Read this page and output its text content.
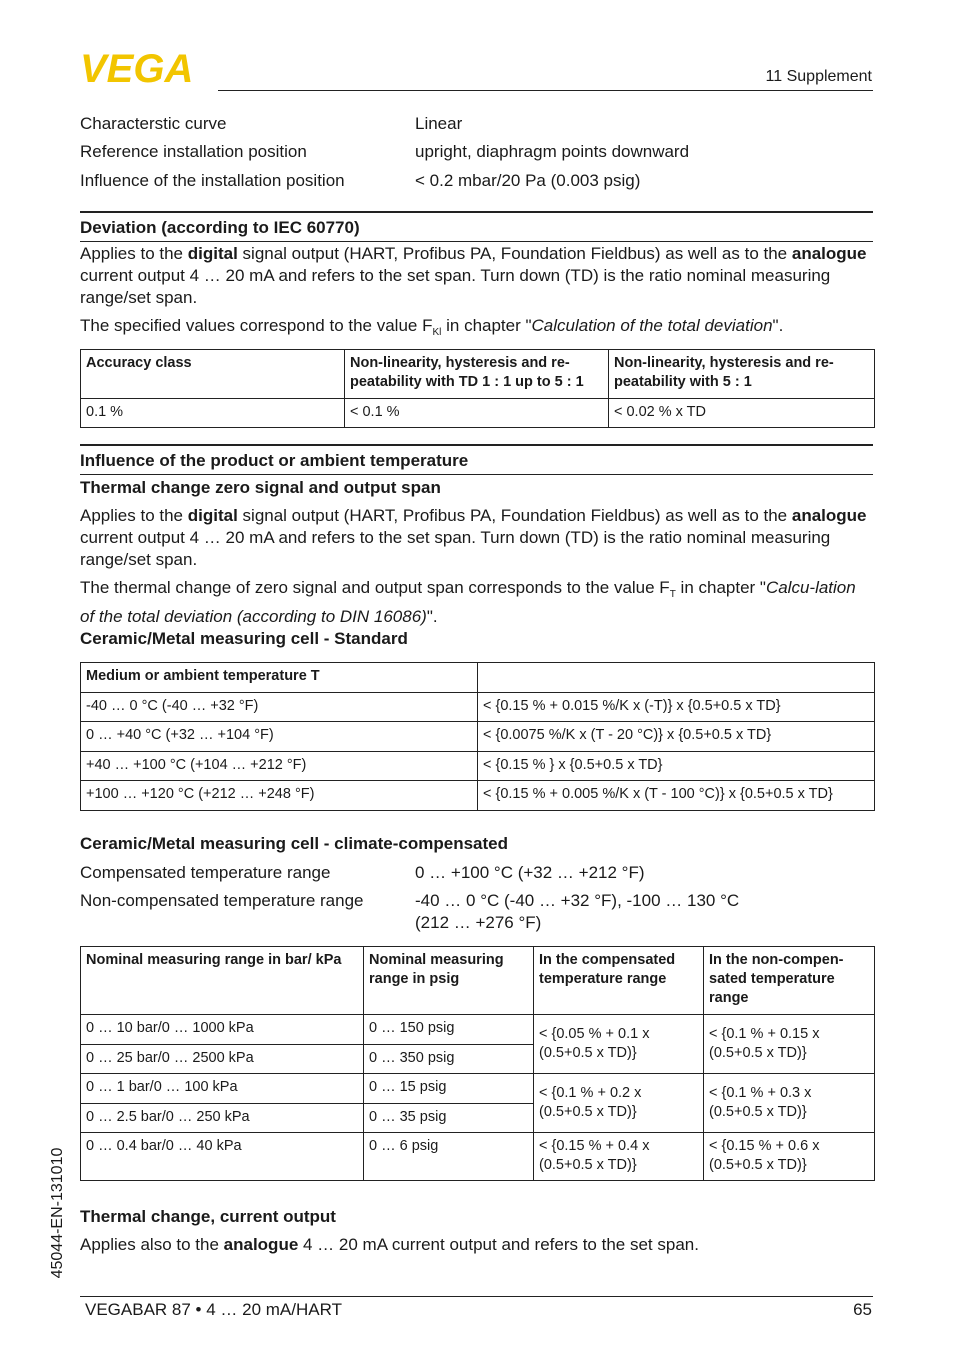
VEGA	11 Supplement
Characterstic curve	Linear
Reference installation position	upright, diaphragm points downward
Influence of the installation position	< 0.2 mbar/20 Pa (0.003 psig)
Deviation (according to IEC 60770)

Applies to the digital signal output (HART, Profibus PA, Foundation Fieldbus) as well as to the analogue current output 4 … 20 mA and refers to the set span. Turn down (TD) is the ratio nominal measuring range/set span.

The specified values correspond to the value $F_{Kl}$ in chapter "Calculation of the total deviation".

Accuracy class	Non-linearity, hysteresis and re-peatability with TD 1 : 1 up to 5 : 1	Non-linearity, hysteresis and re-peatability with 5 : 1
0.1 %	< 0.1 %	< 0.02 % x TD
Influence of the product or ambient temperature
Thermal change zero signal and output span

Applies to the digital signal output (HART, Profibus PA, Foundation Fieldbus) as well as to the analogue current output 4 … 20 mA and refers to the set span. Turn down (TD) is the ratio nominal measuring range/set span.

The thermal change of zero signal and output span corresponds to the value $F_T$ in chapter "Calcu-lation of the total deviation (according to DIN 16086)".

Ceramic/Metal measuring cell - Standard
Medium or ambient temperature T	
-40 … 0 °C (-40 … +32 °F)	< {0.15 % + 0.015 %/K x (-T)} x {0.5+0.5 x TD}
0 … +40 °C (+32 … +104 °F)	< {0.0075 %/K x (T - 20 °C)} x {0.5+0.5 x TD}
+40 … +100 °C (+104 … +212 °F)	< {0.15 % } x {0.5+0.5 x TD}
+100 … +120 °C (+212 … +248 °F)	< {0.15 % + 0.005 %/K x (T - 100 °C)} x {0.5+0.5 x TD}
Ceramic/Metal measuring cell - climate-compensated
Compensated temperature range	0 … +100 °C (+32 … +212 °F)
Non-compensated temperature range	-40 … 0 °C (-40 … +32 °F), -100 … 130 °C
(212 … +276 °F)
Nominal measuring range in bar/ kPa	Nominal measuring range in psig	In the compensated temperature range	In the non-compen-sated temperature range
0 … 10 bar/0 … 1000 kPa	0 … 150 psig	< {0.05 % + 0.1 x (0.5+0.5 x TD)}	< {0.1 % + 0.15 x (0.5+0.5 x TD)}
0 … 25 bar/0 … 2500 kPa	0 … 350 psig		
0 … 1 bar/0 … 100 kPa	0 … 15 psig	< {0.1 % + 0.2 x (0.5+0.5 x TD)}	< {0.1 % + 0.3 x (0.5+0.5 x TD)}
0 … 2.5 bar/0 … 250 kPa	0 … 35 psig		
0 … 0.4 bar/0 … 40 kPa	0 … 6 psig	< {0.15 % + 0.4 x (0.5+0.5 x TD)}	< {0.15 % + 0.6 x (0.5+0.5 x TD)}
Thermal change, current output

Applies also to the analogue 4 … 20 mA current output and refers to the set span.

45044-EN-131010
VEGABAR 87 • 4 … 20 mA/HART	65
